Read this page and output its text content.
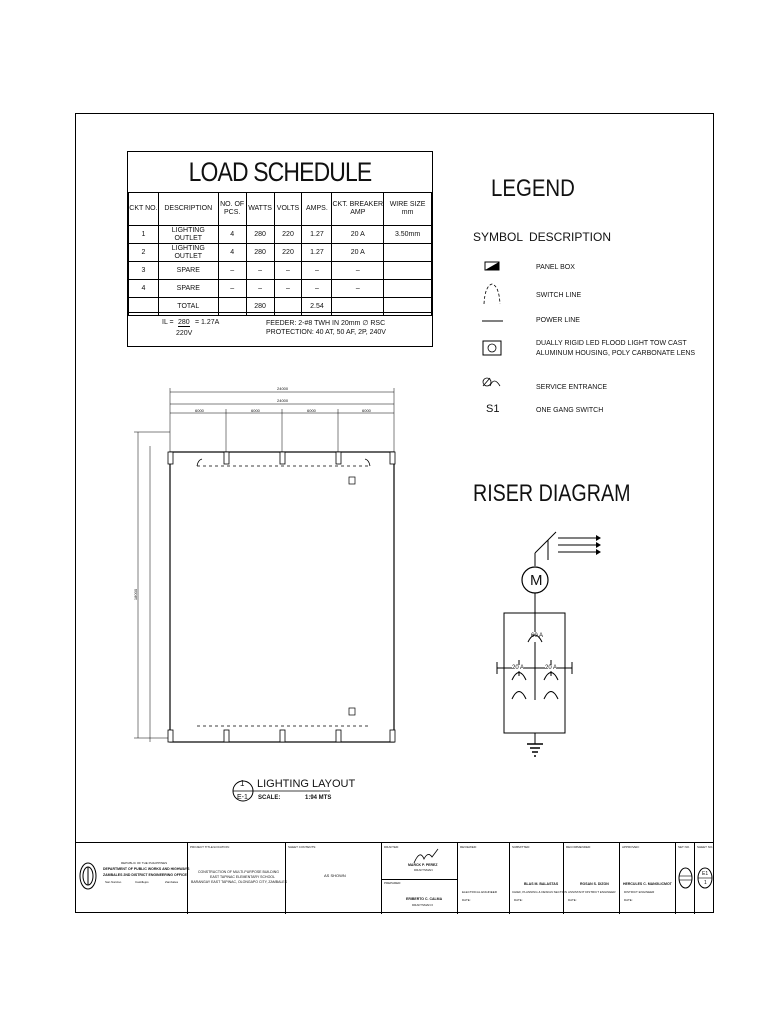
LOAD SCHEDULE
CKT NO.	DESCRIPTION	NO. OF PCS.	WATTS	VOLTS	AMPS.	CKT. BREAKER AMP	WIRE SIZE mm
1	LIGHTING OUTLET	4	280	220	1.27	20 A	3.50mm
2	LIGHTING OUTLET	4	280	220	1.27	20 A	
3	SPARE	–	–	–	–	–	
4	SPARE	–	–	–	–	–	
	TOTAL		280		2.54		
IL = 280
220V
= 1.27A	FEEDER: 2-#8 TWH IN 20mm ∅ RSC
PROTECTION: 40 AT, 50 AF, 2P, 240V
LEGEND
SYMBOL DESCRIPTION
S1
PANEL BOX
SWITCH LINE
POWER LINE
DUALLY RIGID LED FLOOD LIGHT TOW CAST ALUMINUM HOUSING, POLY CARBONATE LENS
SERVICE ENTRANCE
ONE GANG SWITCH
RISER DIAGRAM
M
60 A
20 A	20 A
24000
24000
6000	6000	6000	6000
18000
1
E-1
LIGHTING LAYOUT
SCALE:	1:94 MTS
REPUBLIC OF THE PHILIPPINES
DEPARTMENT OF PUBLIC WORKS AND HIGHWAYS
ZAMBALES 2ND DISTRICT ENGINEERING OFFICE
San Narciso	Castillejos	Zambales
PROJECT TITLE/LOCATION:
CONSTRUCTION OF MULTI-PURPOSE BUILDING
EAST TAPINAC ELEMENTARY SCHOOL
BARANGAY EAST TAPINAC, OLONGAPO CITY, ZAMBALES
SHEET CONTENTS:
AS SHOWN
DRAFTED:
MARCK P. PEREZ
DRAFTSMAN
PREPARED:
ERIBERTO C. CALMA
DRAFTSMAN II
REVIEWED:
ELECTRICAL ENGINEER
DATE:
SUBMITTED:
BLAS M. BALASTAS
CHIEF, PLANNING & DESIGN SECTION
DATE:
RECOMMENDED:
ROSAN S. DIZON
ASSISTANT DISTRICT ENGINEER
DATE:
APPROVED:
HERCULES C. MANGLICMOT
DISTRICT ENGINEER
DATE:
SET NO. SHEET NO.
E1
1
